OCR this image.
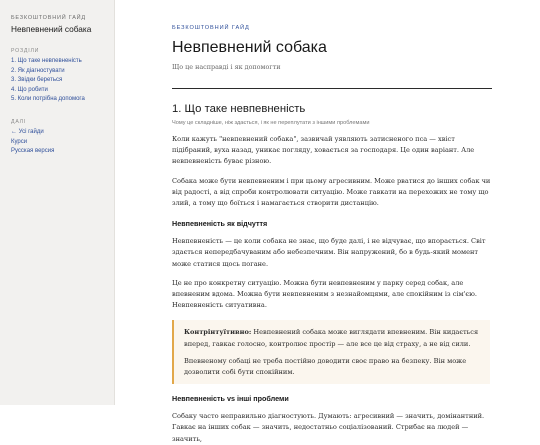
БЕЗКОШТОВНИЙ ГАЙД
Невпевнений собака
РОЗДІЛИ
1. Що таке невпевненість
2. Як діагностувати
3. Звідки береться
4. Що робити
5. Коли потрібна допомога
ДАЛІ
← Усі гайди
Курси
Русская версия
БЕЗКОШТОВНИЙ ГАЙД
Невпевнений собака
Що це насправді і як допомогти
1. Що таке невпевненість
Чому це складніше, ніж здається, і як не переплутати з іншими проблемами

Коли кажуть "невпевнений собака", зазвичай уявляють затисненого пса — хвіст підібраний, вуха назад, уникає погляду, ховається за господаря. Це один варіант. Але невпевненість буває різною.

Собака може бути невпевненим і при цьому агресивним. Може рватися до інших собак чи від радості, а від спроби контролювати ситуацію. Може гавкати на перехожих не тому що злий, а тому що боїться і намагається створити дистанцію.

Невпевненість як відчуття

Невпевненість — це коли собака не знає, що буде далі, і не відчуває, що впорається. Світ здається непередбачуваним або небезпечним. Він напружений, бо в будь-який момент може статися щось погане.

Це не про конкретну ситуацію. Можна бути невпевненим у парку серед собак, але впевненим вдома. Можна бути невпевненим з незнайомцями, але спокійним із сім'єю. Невпевненість ситуативна.

Контрінтуїтивно: Невпевнений собака може виглядати впевненим. Він кидається вперед, гавкає голосно, контролює простір — але все це від страху, а не від сили.

Впевненому собаці не треба постійно доводити своє право на безпеку. Він може дозволити собі бути спокійним.

Невпевненість vs інші проблеми

Собаку часто неправильно діагностують. Думають: агресивний — значить, домінантний. Гавкає на інших собак — значить, недостатньо соціалізований. Стрибає на людей — значить,
